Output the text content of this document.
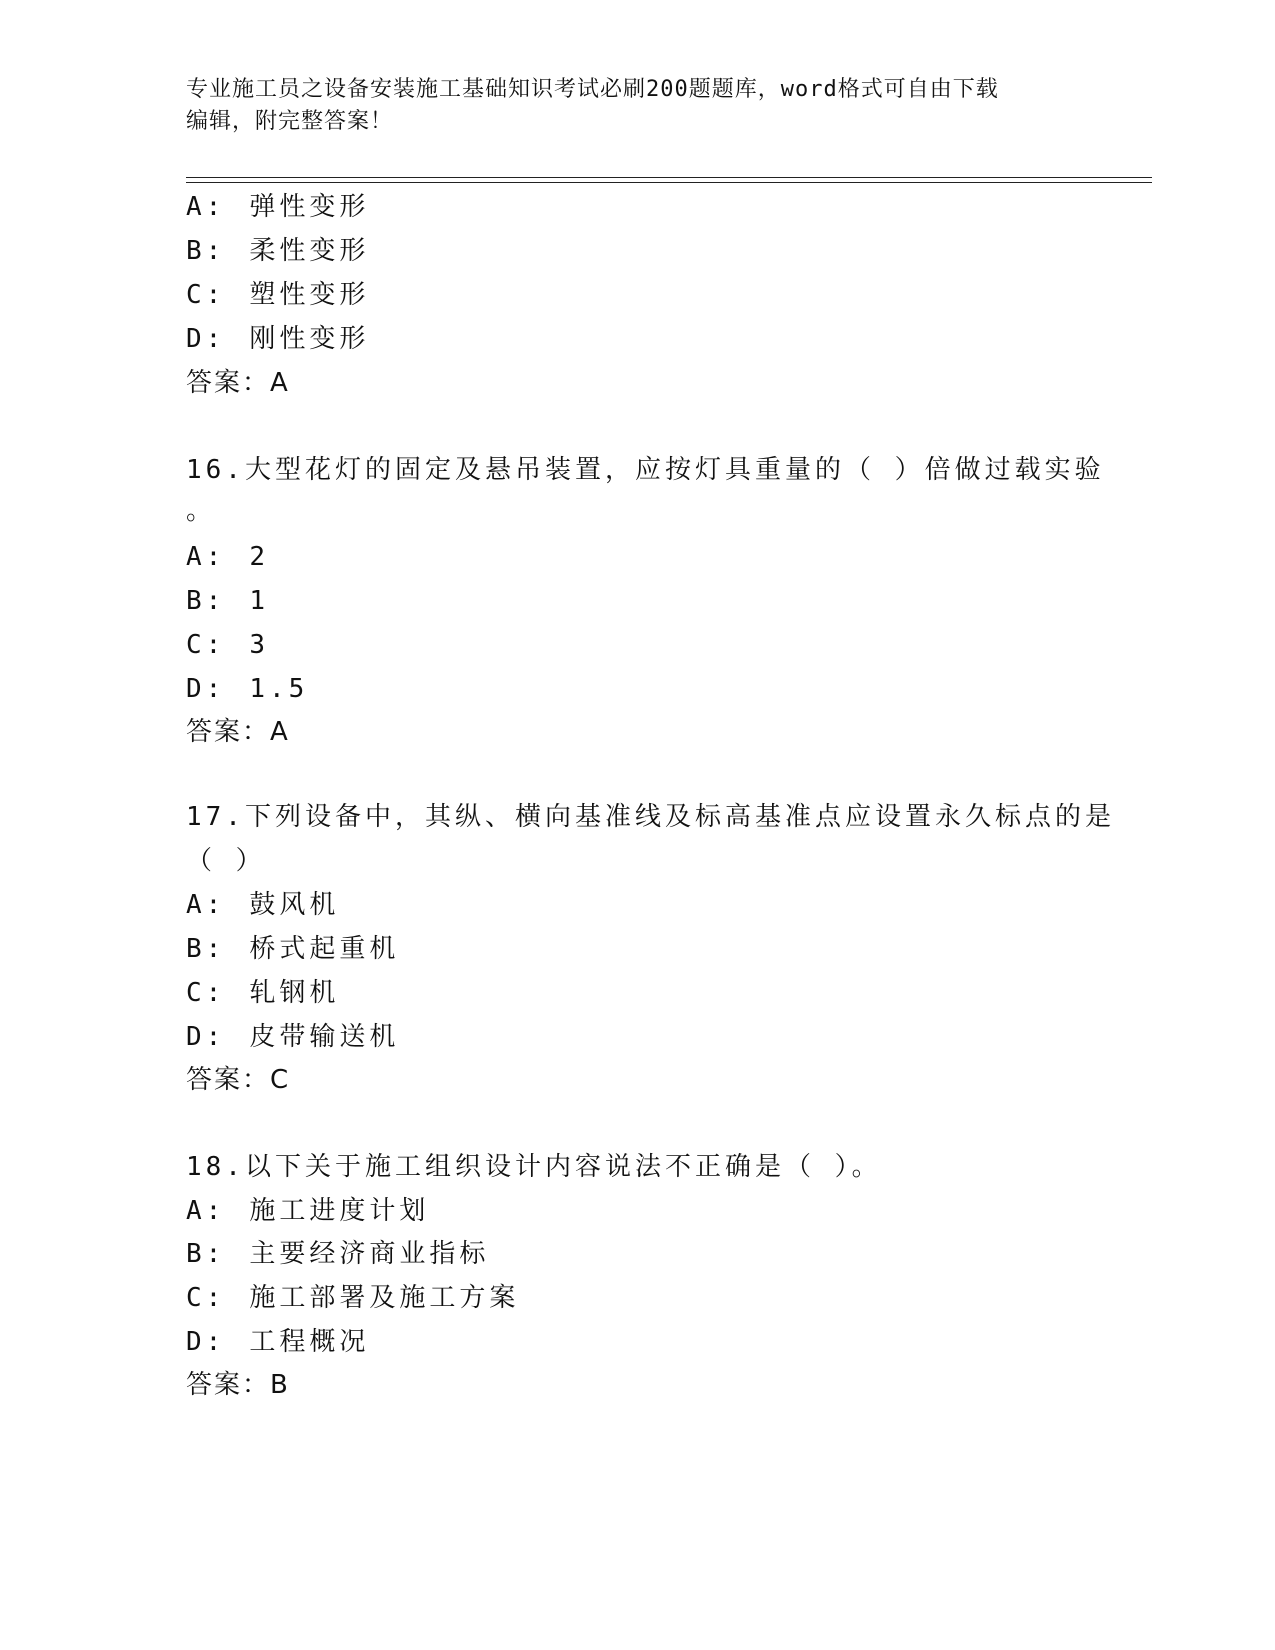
专业施工员之设备安装施工基础知识考试必刷200题题库，word格式可自由下载
编辑，附完整答案！
A: 弹性变形
B: 柔性变形
C: 塑性变形
D: 刚性变形
答案：A
16.大型花灯的固定及悬吊装置，应按灯具重量的（ ）倍做过载实验
。
A: 2
B: 1
C: 3
D: 1.5
答案：A
17.下列设备中，其纵、横向基准线及标高基准点应设置永久标点的是
（ ）
A: 鼓风机
B: 桥式起重机
C: 轧钢机
D: 皮带输送机
答案：C
18.以下关于施工组织设计内容说法不正确是（ ）。
A: 施工进度计划
B: 主要经济商业指标
C: 施工部署及施工方案
D: 工程概况
答案：B
